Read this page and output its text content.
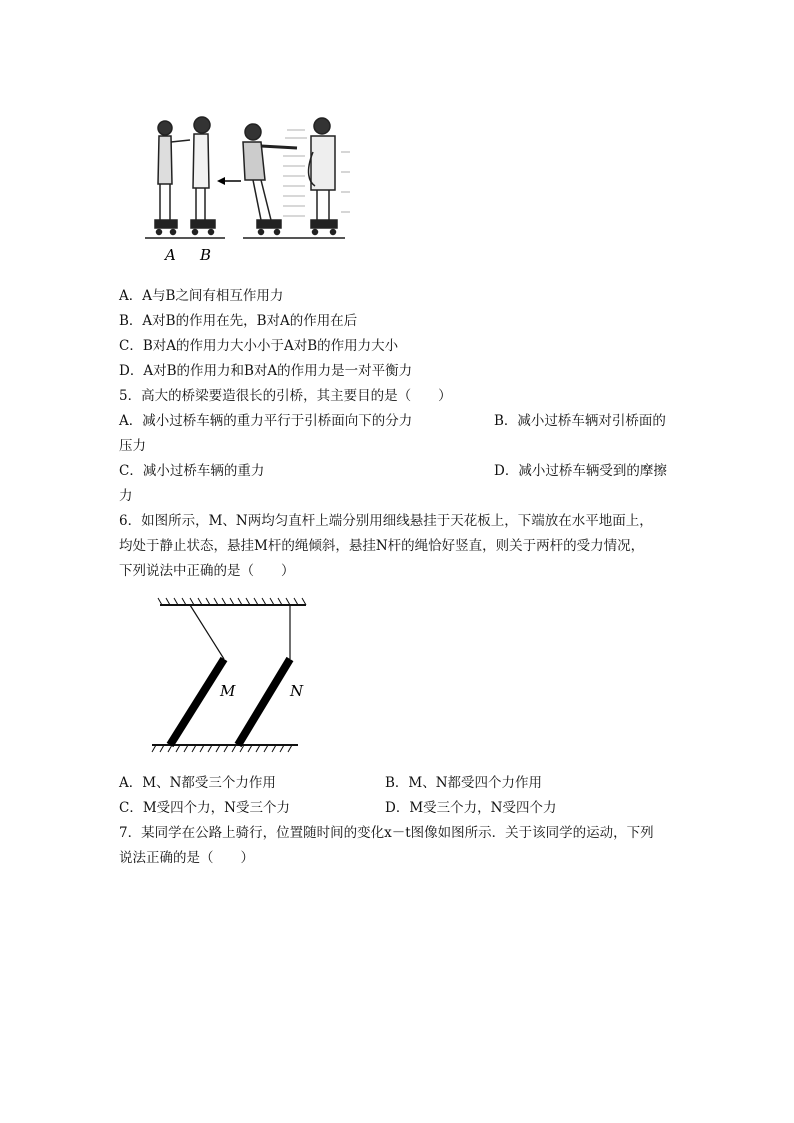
A B
A．A与B之间有相互作用力
B．A对B的作用在先，B对A的作用在后
C．B对A的作用力大小小于A对B的作用力大小
D．A对B的作用力和B对A的作用力是一对平衡力
5．高大的桥梁要造很长的引桥，其主要目的是（　　）
A．减小过桥车辆的重力平行于引桥面向下的分力	B．减小过桥车辆对引桥面的
压力
C．减小过桥车辆的重力	D．减小过桥车辆受到的摩擦
力
6．如图所示，M、N两均匀直杆上端分别用细线悬挂于天花板上，下端放在水平地面上，
均处于静止状态，悬挂M杆的绳倾斜，悬挂N杆的绳恰好竖直，则关于两杆的受力情况，
下列说法中正确的是（　　）
M	N
A．M、N都受三个力作用	B．M、N都受四个力作用
C．M受四个力，N受三个力	D．M受三个力，N受四个力
7．某同学在公路上骑行，位置随时间的变化x－t图像如图所示．关于该同学的运动，下列
说法正确的是（　　）
